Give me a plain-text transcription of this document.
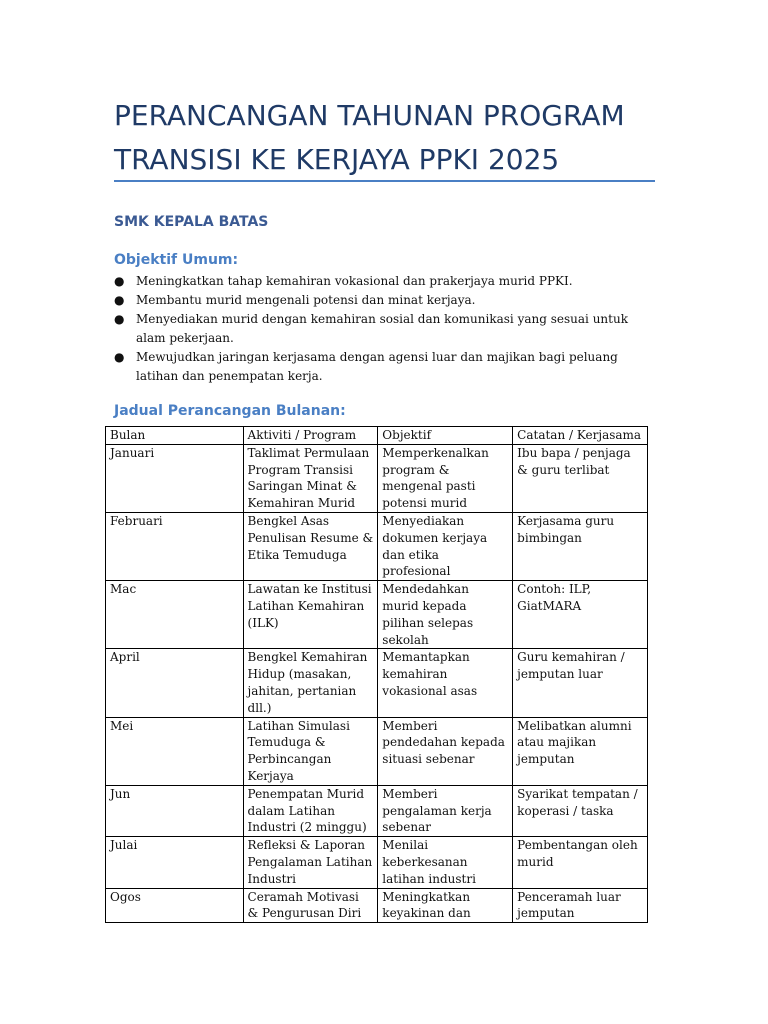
PERANCANGAN TAHUNAN PROGRAM TRANSISI KE KERJAYA PPKI 2025
SMK KEPALA BATAS
Objektif Umum:
● Meningkatkan tahap kemahiran vokasional dan prakerjaya murid PPKI.
● Membantu murid mengenali potensi dan minat kerjaya.
● Menyediakan murid dengan kemahiran sosial dan komunikasi yang sesuai untuk alam pekerjaan.
● Mewujudkan jaringan kerjasama dengan agensi luar dan majikan bagi peluang latihan dan penempatan kerja.
Jadual Perancangan Bulanan:
Bulan	Aktiviti / Program	Objektif	Catatan / Kerjasama
Januari	Taklimat Permulaan Program Transisi Saringan Minat & Kemahiran Murid	Memperkenalkan program & mengenal pasti potensi murid	Ibu bapa / penjaga & guru terlibat
Februari	Bengkel Asas Penulisan Resume & Etika Temuduga	Menyediakan dokumen kerjaya dan etika profesional	Kerjasama guru bimbingan
Mac	Lawatan ke Institusi Latihan Kemahiran (ILK)	Mendedahkan murid kepada pilihan selepas sekolah	Contoh: ILP, GiatMARA
April	Bengkel Kemahiran Hidup (masakan, jahitan, pertanian dll.)	Memantapkan kemahiran vokasional asas	Guru kemahiran / jemputan luar
Mei	Latihan Simulasi Temuduga & Perbincangan Kerjaya	Memberi pendedahan kepada situasi sebenar	Melibatkan alumni atau majikan jemputan
Jun	Penempatan Murid dalam Latihan Industri (2 minggu)	Memberi pengalaman kerja sebenar	Syarikat tempatan / koperasi / taska
Julai	Refleksi & Laporan Pengalaman Latihan Industri	Menilai keberkesanan latihan industri	Pembentangan oleh murid
Ogos	Ceramah Motivasi & Pengurusan Diri	Meningkatkan keyakinan dan	Penceramah luar jemputan
